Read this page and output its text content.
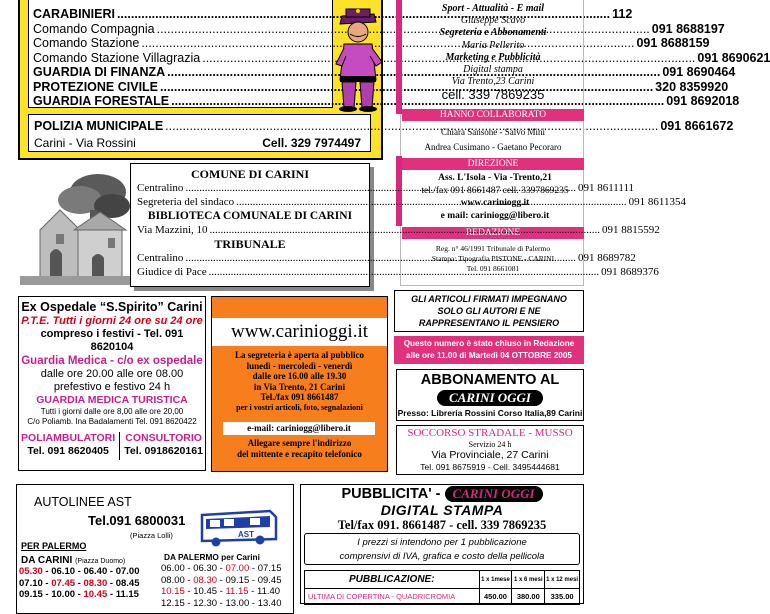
CARABINIERI .....	112
Comando Compagnia .....	091 8688197
Comando Stazione .....	091 8688159
Comando Stazione Villagrazia .....	091 8690621
GUARDIA DI FINANZA .....	091 8690464
PROTEZIONE CIVILE .....	320 8359920
GUARDIA FORESTALE .....	091 8692018
POLIZIA MUNICIPALE .....	091 8661672
Carini - Via Rossini	Cell. 329 7974497
Sport - Attualità - E mail
Giuseppe Scavo
Segreteria e Abbonamenti
Maria Pellerito
Marketing e Pubblicità
Digital stampa
Via Trento,23 Carini
cell. 339 7869235
HANNO COLLABORATO
Chiara Sansone - Salvo Mini
Andrea Cusimano - Gaetano Pecoraro
DIREZIONE
Ass. L'Isola - Via -Trento,21
tel./fax 091 8661487 cell. 3397869235
www.cariniogg.it
e mail: cariniogg@libero.it
REDAZIONE
Reg. n° 46/1991 Tribunale di Palermo
Stampa: Tipografia PISTONE - CARINI
Tel. 091 8661081
COMUNE DI CARINI
Centralino .....	091 8611111
Segreteria del sindaco .....	091 8611354
BIBLIOTECA COMUNALE DI CARINI
Via Mazzini, 10 .....	091 8815592
TRIBUNALE
Centralino .....	091 8689782
Giudice di Pace .....	091 8689376
Ex Ospedale “S.Spirito” Carini
P.T.E. Tutti i giorni 24 ore su 24 ore
compreso i festivi - Tel. 091 8620104
Guardia Medica - c/o ex ospedale
dalle ore 20.00 alle ore 08.00
prefestivo e festivo 24 h
GUARDIA MEDICA TURISTICA
Tutti i giorni dalle ore 8,00 alle ore 20,00
C/o Poliamb. Ina Badalamenti Tel. 091 8620422
POLIAMBULATORI
Tel. 091 8620405
CONSULTORIO
Tel. 0918620161
www.carinioggi.it
La segreteria è aperta al pubblico
lunedì - mercoledì - venerdì
dalle ore 16.00 alle 19.30
in Via Trento, 21 Carini
Tel./fax 091 8661487
per i vostri articoli, foto, segnalazioni
e-mail: cariniogg@libero.it
Allegare sempre l'indirizzo
del mittente e recapito telefonico
GLI ARTICOLI FIRMATI IMPEGNANO
SOLO GLI AUTORI E NE
RAPPRESENTANO IL PENSIERO
Questo numero è stato chiuso in Redazione
alle ore 11.00 di Martedì 04 OTTOBRE 2005
ABBONAMENTO AL
CARINI OGGI
Presso: Libreria Rossini Corso Italia,89 Carini
SOCCORSO STRADALE - MUSSO
Servizio 24 h
Via Provinciale, 27 Carini
Tel. 091 8675919 - Cell. 3495444681
AUTOLINEE AST
Tel.091 6800031
(Piazza Lolli)	AST
PER PALERMO
DA CARINI (Piazza Duomo)
05.30 - 06.10 - 06.40 - 07.00
07.10 - 07.45 - 08.30 - 08.45
09.15 - 10.00 - 10.45 - 11.15
DA PALERMO per Carini
06.00 - 06.30 - 07.00 - 07.15
08.00 - 08.30 - 09.15 - 09.45
10.15 - 10.45 - 11.15 - 11.40
12.15 - 12.30 - 13.00 - 13.40
PUBBLICITA' - CARINI OGGI
DIGITAL STAMPA
Tel/fax 091. 8661487 - cell. 339 7869235
I prezzi si intendono per 1 pubblicazione
comprensivi di IVA, grafica e costo della pellicola
PUBBLICAZIONE:	1 x 1mese	1 x 6 mesi	1 x 12 mesi
ULTIMA DI COPERTINA - QUADRICROMIA	450.00	380.00	335.00
